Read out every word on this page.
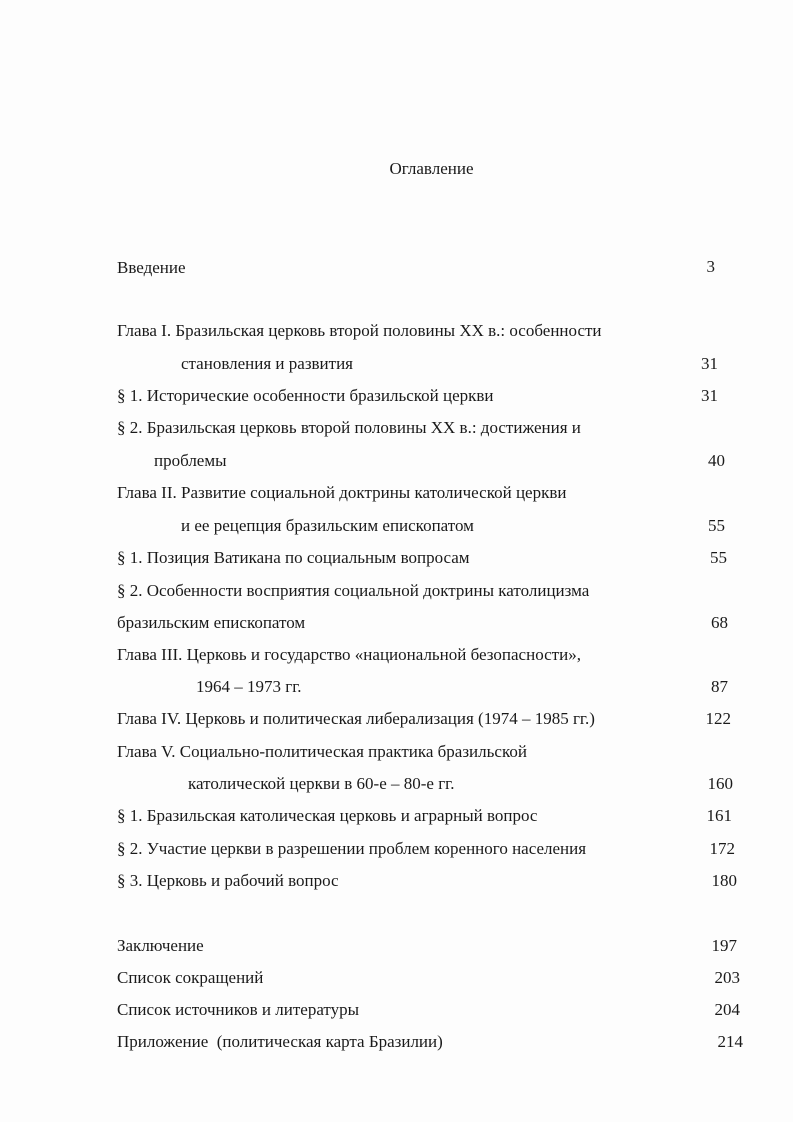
Оглавление
Введение	3
Глава I. Бразильская церковь второй половины XX в.: особенности
становления и развития	31
§ 1. Исторические особенности бразильской церкви	31
§ 2. Бразильская церковь второй половины XX в.: достижения и
проблемы	40
Глава II. Развитие социальной доктрины католической церкви
и ее рецепция бразильским епископатом	55
§ 1. Позиция Ватикана по социальным вопросам	55
§ 2. Особенности восприятия социальной доктрины католицизма
бразильским епископатом	68
Глава III. Церковь и государство «национальной безопасности»,
1964 – 1973 гг.	87
Глава IV. Церковь и политическая либерализация (1974 – 1985 гг.)	122
Глава V. Социально-политическая практика бразильской
католической церкви в 60-е – 80-е гг.	160
§ 1. Бразильская католическая церковь и аграрный вопрос	161
§ 2. Участие церкви в разрешении проблем коренного населения	172
§ 3. Церковь и рабочий вопрос	180
Заключение	197
Список сокращений	203
Список источников и литературы	204
Приложение  (политическая карта Бразилии)	214
